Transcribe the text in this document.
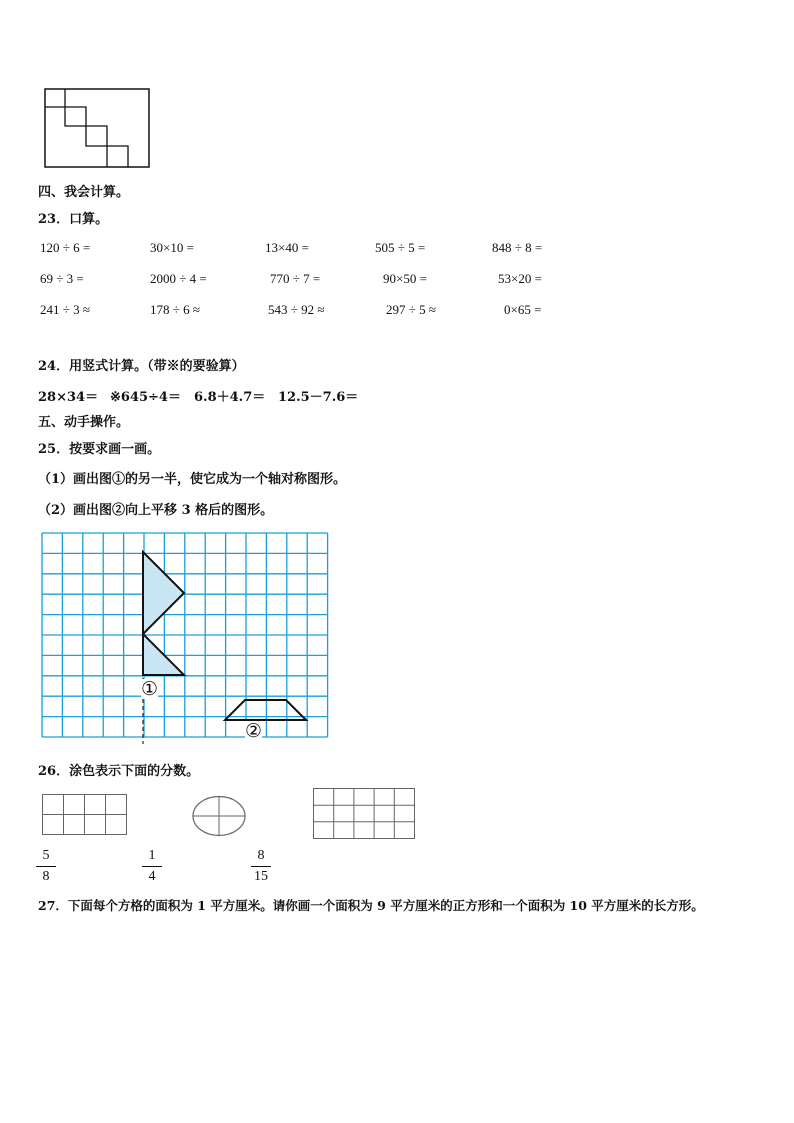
四、我会计算。
23．口算。
120 ÷ 6 =	30×10 =	13×40 =	505 ÷ 5 =	848 ÷ 8 =
69 ÷ 3 =	2000 ÷ 4 =	770 ÷ 7 =	90×50 =	53×20 =
241 ÷ 3 ≈	178 ÷ 6 ≈	543 ÷ 92 ≈	297 ÷ 5 ≈	0×65 =
24．用竖式计算。（带※的要验算）
28×34＝ ※645÷4＝ 6.8＋4.7＝ 12.5－7.6＝
五、动手操作。
25．按要求画一画。
（1）画出图①的另一半，使它成为一个轴对称图形。
（2）画出图②向上平移 3 格后的图形。
①
②
26．涂色表示下面的分数。
5
8
1
4
8
15
27．下面每个方格的面积为 1 平方厘米。请你画一个面积为 9 平方厘米的正方形和一个面积为 10 平方厘米的长方形。
